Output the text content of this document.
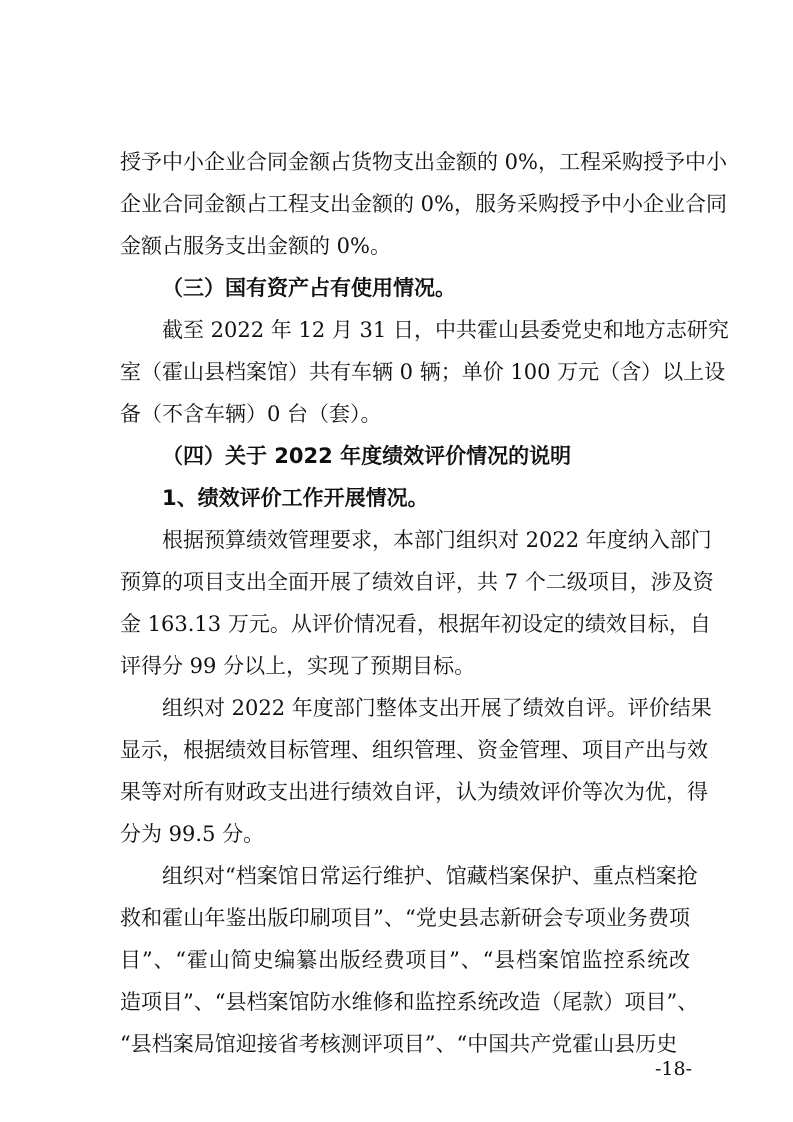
授予中小企业合同金额占货物支出金额的 0%，工程采购授予中小
企业合同金额占工程支出金额的 0%，服务采购授予中小企业合同
金额占服务支出金额的 0%。
（三）国有资产占有使用情况。
截至 2022 年 12 月 31 日，中共霍山县委党史和地方志研究
室（霍山县档案馆）共有车辆 0 辆；单价 100 万元（含）以上设
备（不含车辆）0 台（套）。
（四）关于 2022 年度绩效评价情况的说明
1、绩效评价工作开展情况。
根据预算绩效管理要求，本部门组织对 2022 年度纳入部门
预算的项目支出全面开展了绩效自评，共 7 个二级项目，涉及资
金 163.13 万元。从评价情况看，根据年初设定的绩效目标，自
评得分 99 分以上，实现了预期目标。
组织对 2022 年度部门整体支出开展了绩效自评。评价结果
显示，根据绩效目标管理、组织管理、资金管理、项目产出与效
果等对所有财政支出进行绩效自评，认为绩效评价等次为优，得
分为 99.5 分。
组织对“档案馆日常运行维护、馆藏档案保护、重点档案抢
救和霍山年鉴出版印刷项目”、“党史县志新研会专项业务费项
目”、“霍山简史编纂出版经费项目”、“县档案馆监控系统改
造项目”、“县档案馆防水维修和监控系统改造（尾款）项目”、
“县档案局馆迎接省考核测评项目”、“中国共产党霍山县历史
-18-
